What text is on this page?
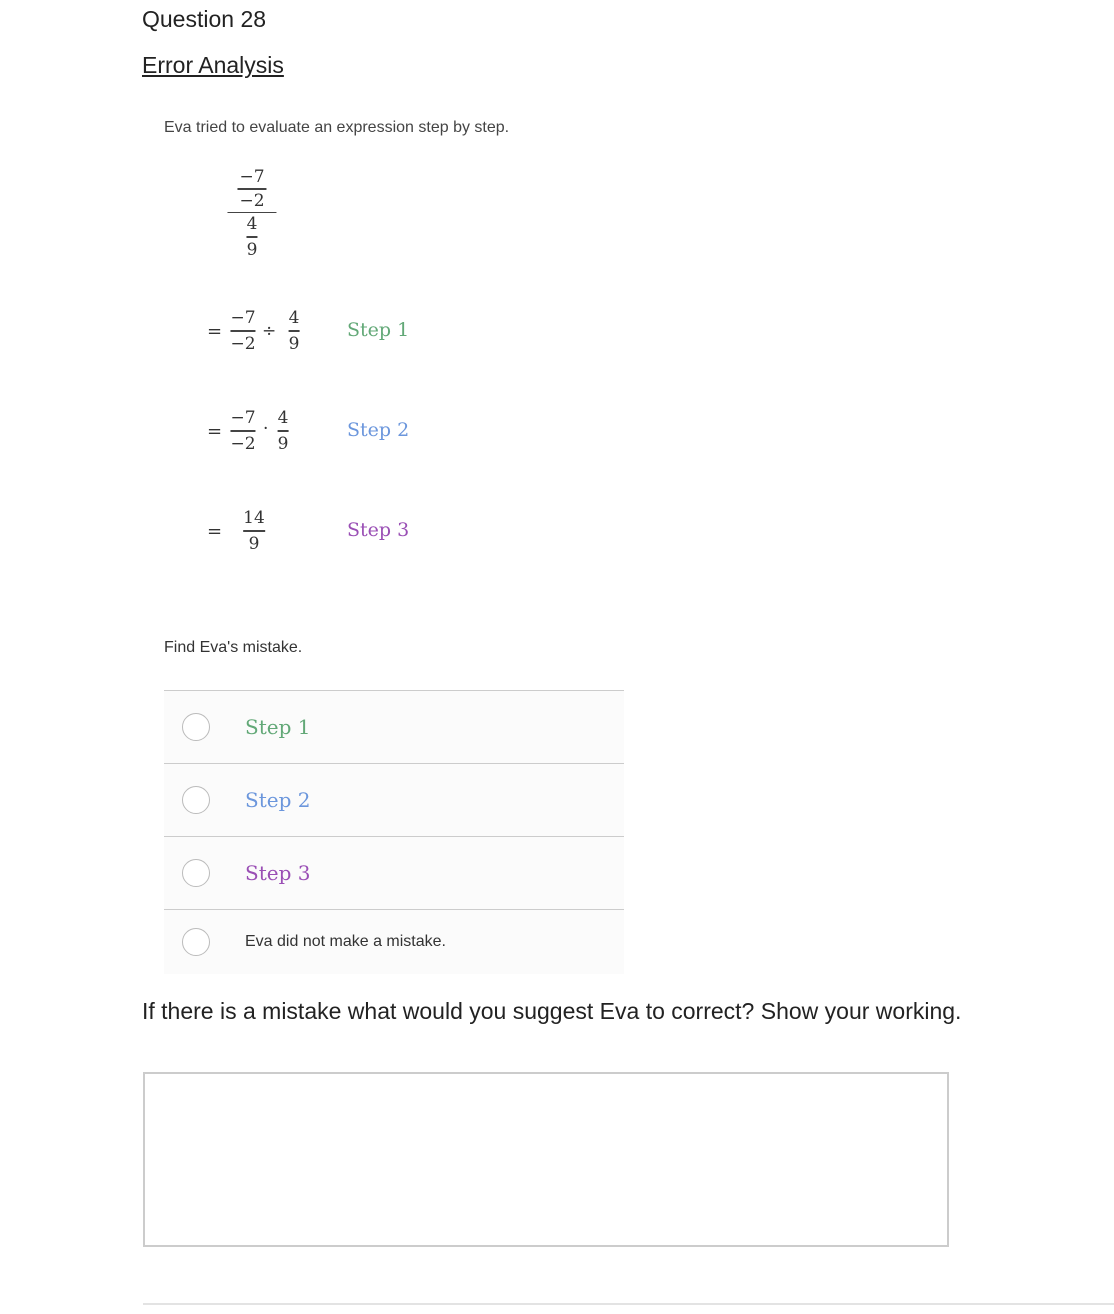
Question 28
Error Analysis
Eva tried to evaluate an expression step by step.
$\frac{-7}{-2}$
$\frac{4}{9}$
=
−7
−2
÷
4
9
Step 1
=
−7
−2
·
4
9
Step 2
=
14
9
Step 3
Find Eva's mistake.
Step 1
Step 2
Step 3
Eva did not make a mistake.
If there is a mistake what would you suggest Eva to correct? Show your working.
